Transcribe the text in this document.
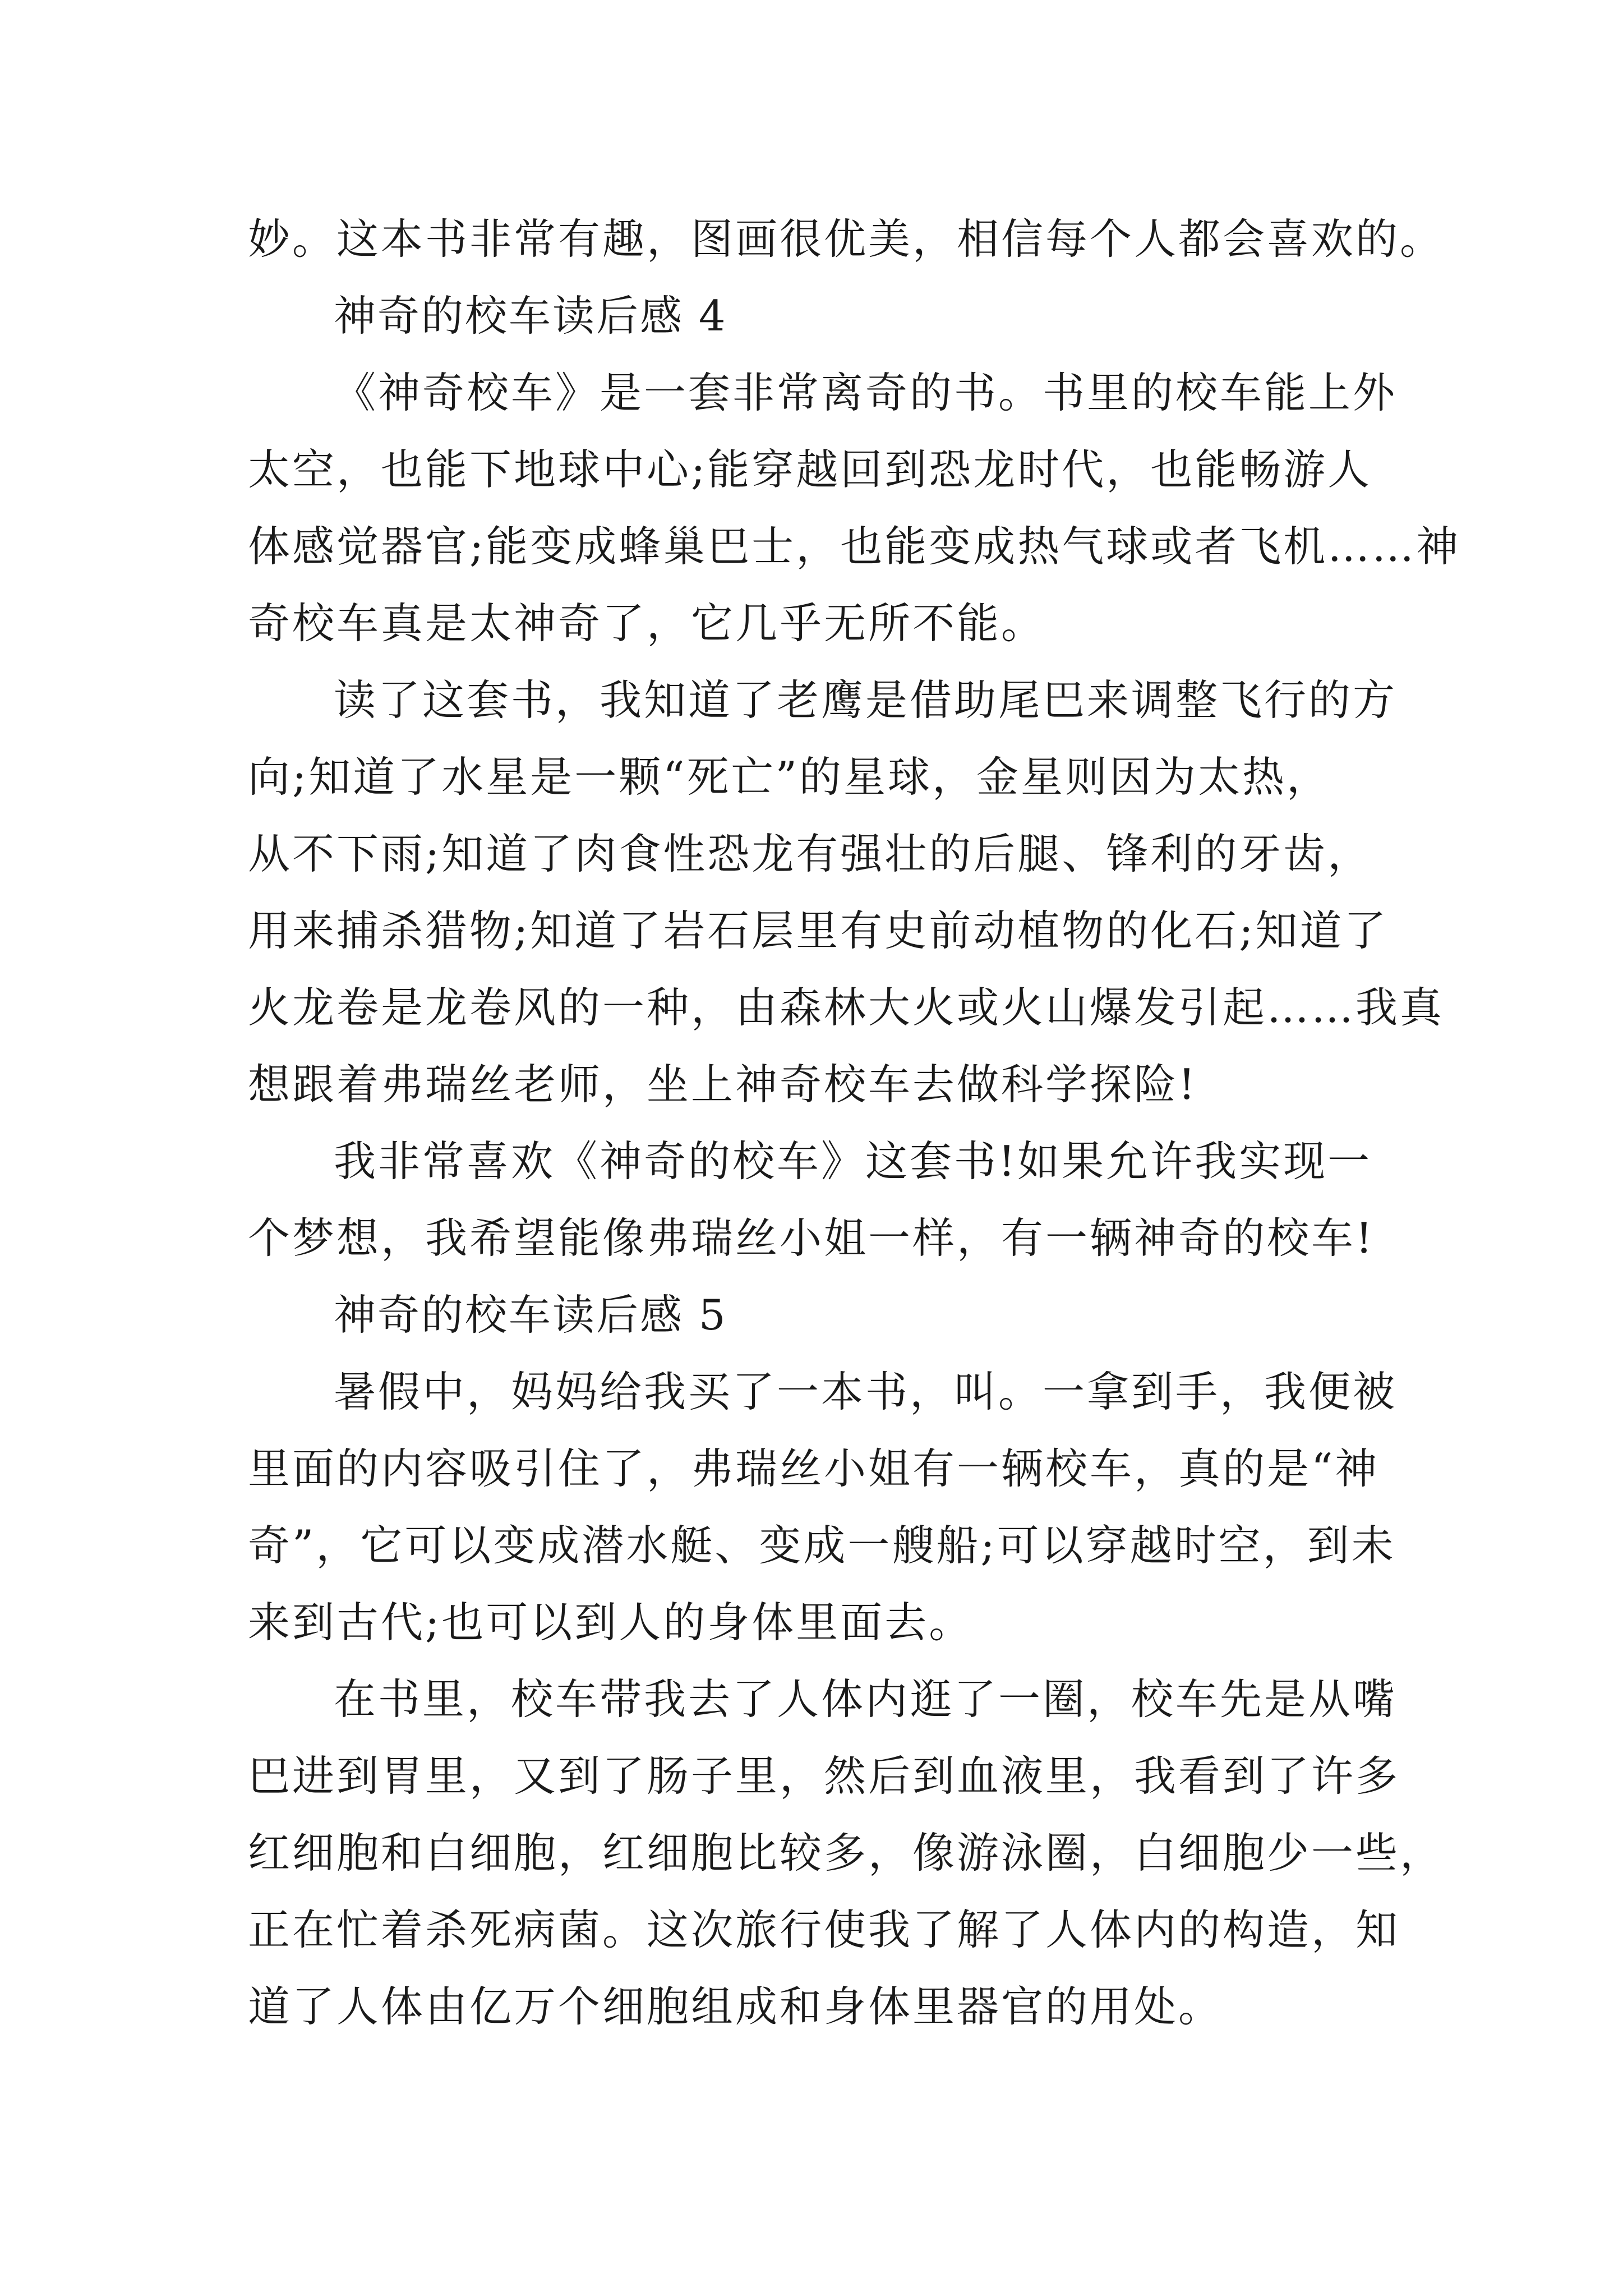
妙。这本书非常有趣，图画很优美，相信每个人都会喜欢的。
神奇的校车读后感 4
《神奇校车》是一套非常离奇的书。书里的校车能上外
太空，也能下地球中心;能穿越回到恐龙时代，也能畅游人
体感觉器官;能变成蜂巢巴士，也能变成热气球或者飞机……神
奇校车真是太神奇了，它几乎无所不能。
读了这套书，我知道了老鹰是借助尾巴来调整飞行的方
向;知道了水星是一颗“死亡”的星球，金星则因为太热，
从不下雨;知道了肉食性恐龙有强壮的后腿、锋利的牙齿，
用来捕杀猎物;知道了岩石层里有史前动植物的化石;知道了
火龙卷是龙卷风的一种，由森林大火或火山爆发引起……我真
想跟着弗瑞丝老师，坐上神奇校车去做科学探险!
我非常喜欢《神奇的校车》这套书!如果允许我实现一
个梦想，我希望能像弗瑞丝小姐一样，有一辆神奇的校车!
神奇的校车读后感 5
暑假中，妈妈给我买了一本书，叫。一拿到手，我便被
里面的内容吸引住了，弗瑞丝小姐有一辆校车，真的是“神
奇”，它可以变成潜水艇、变成一艘船;可以穿越时空，到未
来到古代;也可以到人的身体里面去。
在书里，校车带我去了人体内逛了一圈，校车先是从嘴
巴进到胃里，又到了肠子里，然后到血液里，我看到了许多
红细胞和白细胞，红细胞比较多，像游泳圈，白细胞少一些，
正在忙着杀死病菌。这次旅行使我了解了人体内的构造，知
道了人体由亿万个细胞组成和身体里器官的用处。
